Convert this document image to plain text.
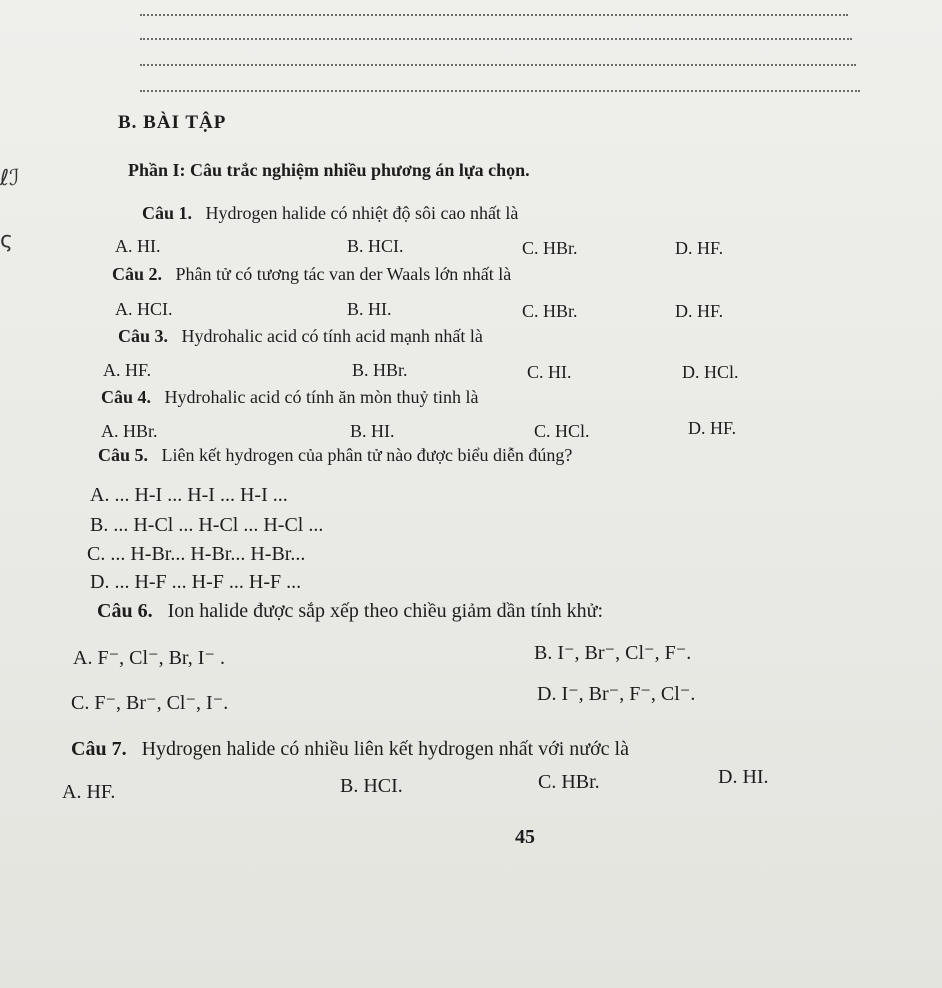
ℓℐ
ς
B. BÀI TẬP
Phần I: Câu trắc nghiệm nhiều phương án lựa chọn.
Câu 1. Hydrogen halide có nhiệt độ sôi cao nhất là
A. HI.	B. HCI.	C. HBr.	D. HF.
Câu 2. Phân tử có tương tác van der Waals lớn nhất là
A. HCI.	B. HI.	C. HBr.	D. HF.
Câu 3. Hydrohalic acid có tính acid mạnh nhất là
A. HF.	B. HBr.	C. HI.	D. HCl.
Câu 4. Hydrohalic acid có tính ăn mòn thuỷ tinh là
A. HBr.	B. HI.	C. HCl.	D. HF.
Câu 5. Liên kết hydrogen của phân tử nào được biểu diễn đúng?
A. ... H-I ... H-I ... H-I ...
B. ... H-Cl ... H-Cl ... H-Cl ...
C. ... H-Br... H-Br... H-Br...
D. ... H-F ... H-F ... H-F ...
Câu 6. Ion halide được sắp xếp theo chiều giảm dần tính khử:
A. F⁻, Cl⁻, Br, I⁻ .	B. I⁻, Br⁻, Cl⁻, F⁻.
C. F⁻, Br⁻, Cl⁻, I⁻.	D. I⁻, Br⁻, F⁻, Cl⁻.
Câu 7. Hydrogen halide có nhiều liên kết hydrogen nhất với nước là
A. HF.	B. HCI.	C. HBr.	D. HI.
45
